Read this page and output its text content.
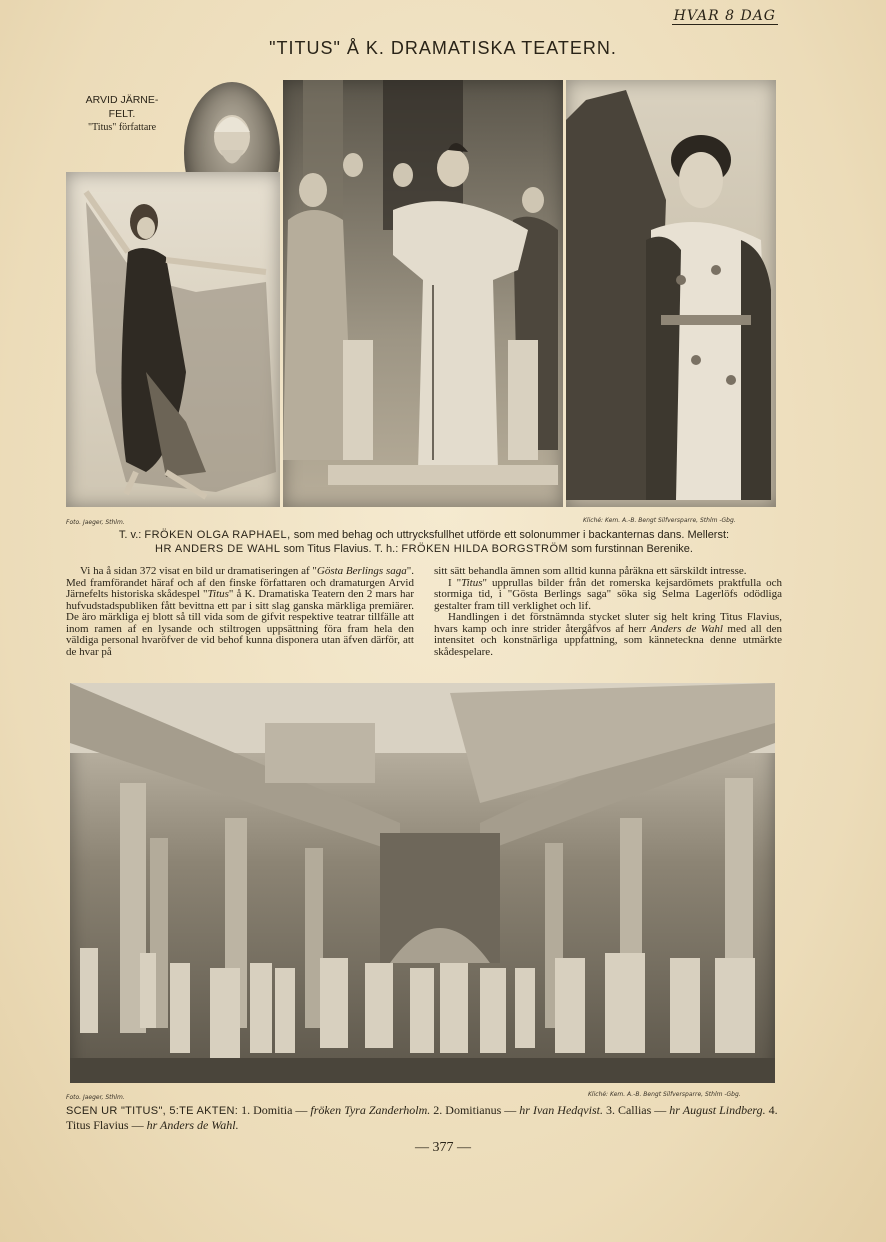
HVAR 8 DAG
"TITUS" Å K. DRAMATISKA TEATERN.
ARVID JÄRNE-
FELT.
"Titus" författare
Foto. Jaeger, Sthlm.	Kliché: Kem. A.-B. Bengt Silfversparre, Sthlm -Gbg.
T. v.: FRÖKEN OLGA RAPHAEL, som med behag och uttrycksfullhet utförde ett solonummer i backanternas dans. Mellerst:
HR ANDERS DE WAHL som Titus Flavius. T. h.: FRÖKEN HILDA BORGSTRÖM som furstinnan Berenike.

Vi ha å sidan 372 visat en bild ur dramatiseringen af "Gösta Berlings saga". Med framförandet häraf och af den finske författaren och dramaturgen Arvid Järnefelts historiska skådespel "Titus" å K. Dramatiska Teatern den 2 mars har hufvudstadspubliken fått bevittna ett par i sitt slag ganska märkliga premiärer. De äro märkliga ej blott så till vida som de gifvit respektive teatrar tillfälle att inom ramen af en lysande och stiltrogen uppsättning föra fram hela den väldiga personal hvaröfver de vid behof kunna disponera utan äfven därför, att de hvar på

sitt sätt behandla ämnen som alltid kunna påräkna ett särskildt intresse.

I "Titus" upprullas bilder från det romerska kejsardömets praktfulla och stormiga tid, i "Gösta Berlings saga" söka sig Selma Lagerlöfs odödliga gestalter fram till verklighet och lif.

Handlingen i det förstnämnda stycket sluter sig helt kring Titus Flavius, hvars kamp och inre strider återgåfvos af herr Anders de Wahl med all den intensitet och konstnärliga uppfattning, som känneteckna denne utmärkte skådespelare.

Foto. Jaeger, Sthlm.	Kliché: Kem. A.-B. Bengt Silfversparre, Sthlm -Gbg.
SCEN UR "TITUS", 5:TE AKTEN: 1. Domitia — fröken Tyra Zanderholm. 2. Domitianus — hr Ivan Hedqvist. 3. Callias — hr August Lindberg. 4. Titus Flavius — hr Anders de Wahl.
— 377 —
